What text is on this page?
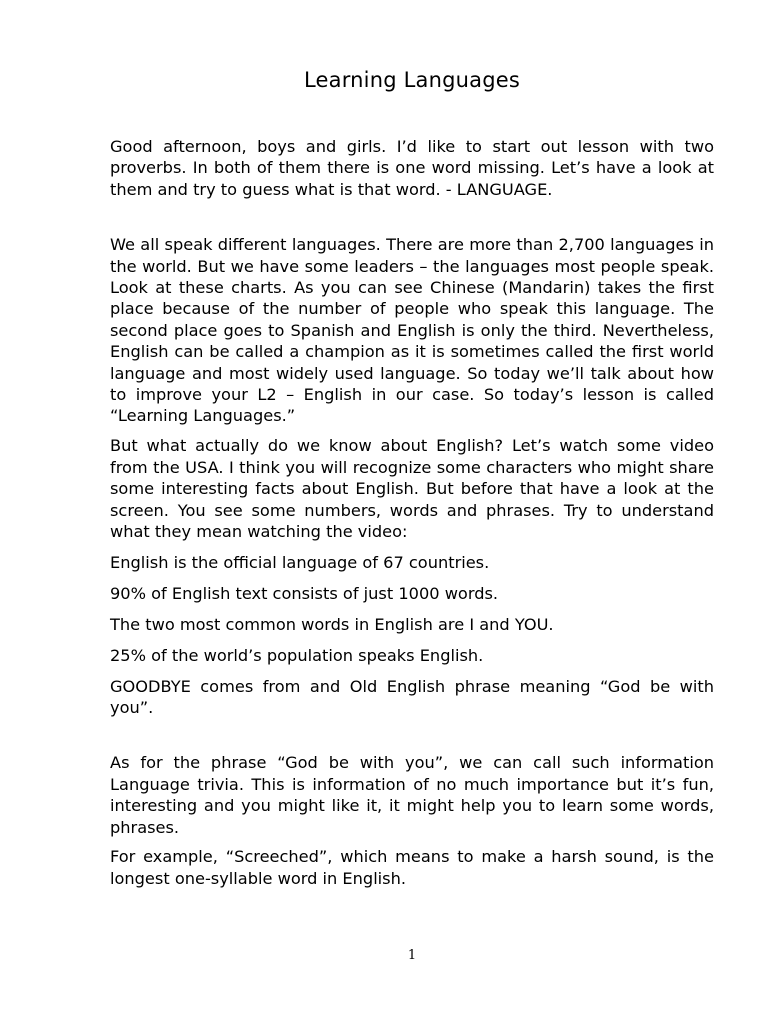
Learning Languages

Good afternoon, boys and girls. I’d like to start out lesson with two proverbs. In both of them there is one word missing. Let’s have a look at them and try to guess what is that word. - LANGUAGE.

We all speak different languages. There are more than 2,700 languages in the world. But we have some leaders – the languages most people speak. Look at these charts. As you can see Chinese (Mandarin) takes the first place because of the number of people who speak this language. The second place goes to Spanish and English is only the third. Nevertheless, English can be called a champion as it is sometimes called the first world language and most widely used language. So today we’ll talk about how to improve your L2 – English in our case. So today’s lesson is called “Learning Languages.”

But what actually do we know about English? Let’s watch some video from the USA. I think you will recognize some characters who might share some interesting facts about English. But before that have a look at the screen. You see some numbers, words and phrases. Try to understand what they mean watching the video:

English is the official language of 67 countries.

90% of English text consists of just 1000 words.

The two most common words in English are I and YOU.

25% of the world’s population speaks English.

GOODBYE comes from and Old English phrase meaning “God be with you”.

As for the phrase “God be with you”, we can call such information Language trivia. This is information of no much importance but it’s fun, interesting and you might like it, it might help you to learn some words, phrases.

For example, “Screeched”, which means to make a harsh sound, is the longest one-syllable word in English.

1
